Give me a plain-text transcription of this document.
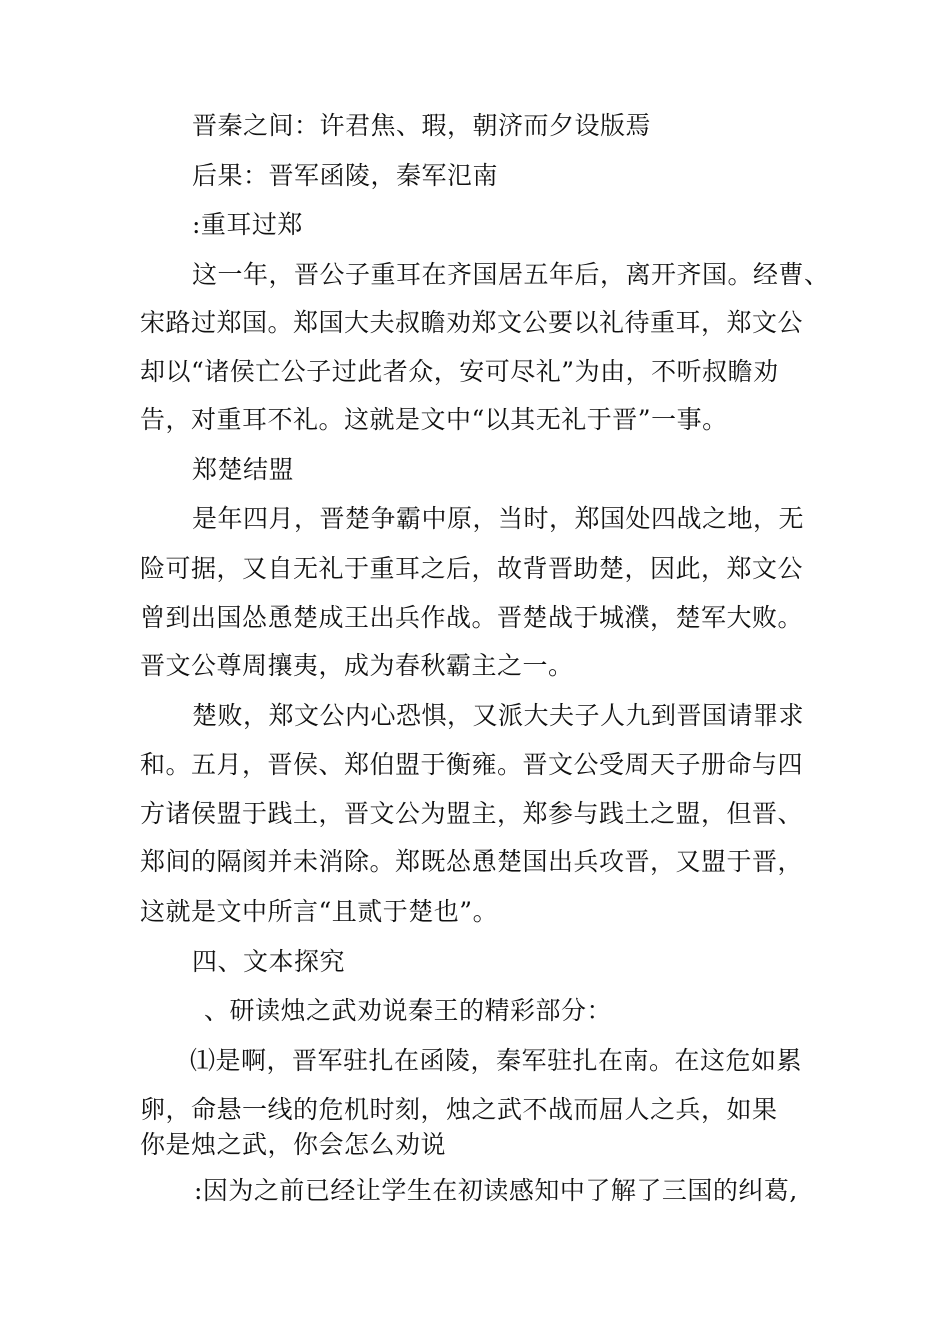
晋秦之间：许君焦、瑕，朝济而夕设版焉
后果：晋军函陵，秦军氾南
:重耳过郑
这一年，晋公子重耳在齐国居五年后，离开齐国。经曹、
宋路过郑国。郑国大夫叔瞻劝郑文公要以礼待重耳，郑文公
却以“诸侯亡公子过此者众，安可尽礼”为由，不听叔瞻劝
告，对重耳不礼。这就是文中“以其无礼于晋”一事。
郑楚结盟
是年四月，晋楚争霸中原，当时，郑国处四战之地，无
险可据，又自无礼于重耳之后，故背晋助楚，因此，郑文公
曾到出国怂恿楚成王出兵作战。晋楚战于城濮，楚军大败。
晋文公尊周攘夷，成为春秋霸主之一。
楚败，郑文公内心恐惧，又派大夫子人九到晋国请罪求
和。五月，晋侯、郑伯盟于衡雍。晋文公受周天子册命与四
方诸侯盟于践土，晋文公为盟主，郑参与践土之盟，但晋、
郑间的隔阂并未消除。郑既怂恿楚国出兵攻晋，又盟于晋，
这就是文中所言“且贰于楚也”。
四、文本探究
、研读烛之武劝说秦王的精彩部分：
⑴是啊，晋军驻扎在函陵，秦军驻扎在南。在这危如累
卵，命悬一线的危机时刻，烛之武不战而屈人之兵，如果
你是烛之武，你会怎么劝说
:因为之前已经让学生在初读感知中了解了三国的纠葛,
